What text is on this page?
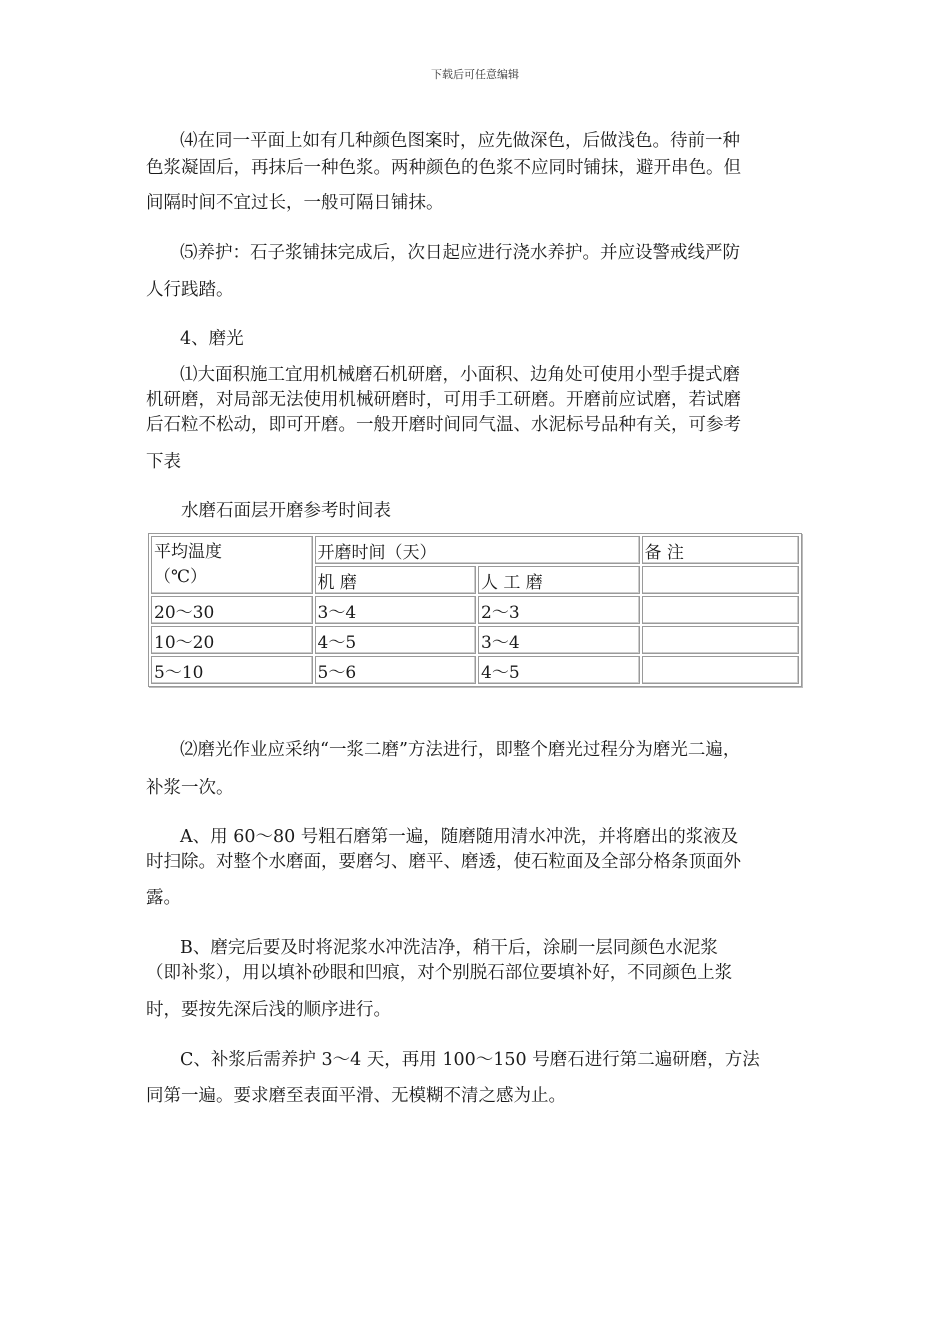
下载后可任意编辑
⑷在同一平面上如有几种颜色图案时，应先做深色，后做浅色。待前一种
色浆凝固后，再抹后一种色浆。两种颜色的色浆不应同时铺抹，避开串色。但
间隔时间不宜过长，一般可隔日铺抹。
⑸养护：石子浆铺抹完成后，次日起应进行浇水养护。并应设警戒线严防
人行践踏。
4、磨光
⑴大面积施工宜用机械磨石机研磨，小面积、边角处可使用小型手提式磨
机研磨，对局部无法使用机械研磨时，可用手工研磨。开磨前应试磨，若试磨
后石粒不松动，即可开磨。一般开磨时间同气温、水泥标号品种有关，可参考
下表
水磨石面层开磨参考时间表
平均温度
（℃）	开磨时间（天）		备 注
	机 磨	人 工 磨	
20～30	3～4	2～3	
10～20	4～5	3～4	
5～10	5～6	4～5	
⑵磨光作业应采纳“一浆二磨”方法进行，即整个磨光过程分为磨光二遍，
补浆一次。
A、用 60～80 号粗石磨第一遍，随磨随用清水冲洗，并将磨出的浆液及
时扫除。对整个水磨面，要磨匀、磨平、磨透，使石粒面及全部分格条顶面外
露。
B、磨完后要及时将泥浆水冲洗洁净，稍干后，涂刷一层同颜色水泥浆
（即补浆），用以填补砂眼和凹痕，对个别脱石部位要填补好，不同颜色上浆
时，要按先深后浅的顺序进行。
C、补浆后需养护 3～4 天，再用 100～150 号磨石进行第二遍研磨，方法
同第一遍。要求磨至表面平滑、无模糊不清之感为止。
